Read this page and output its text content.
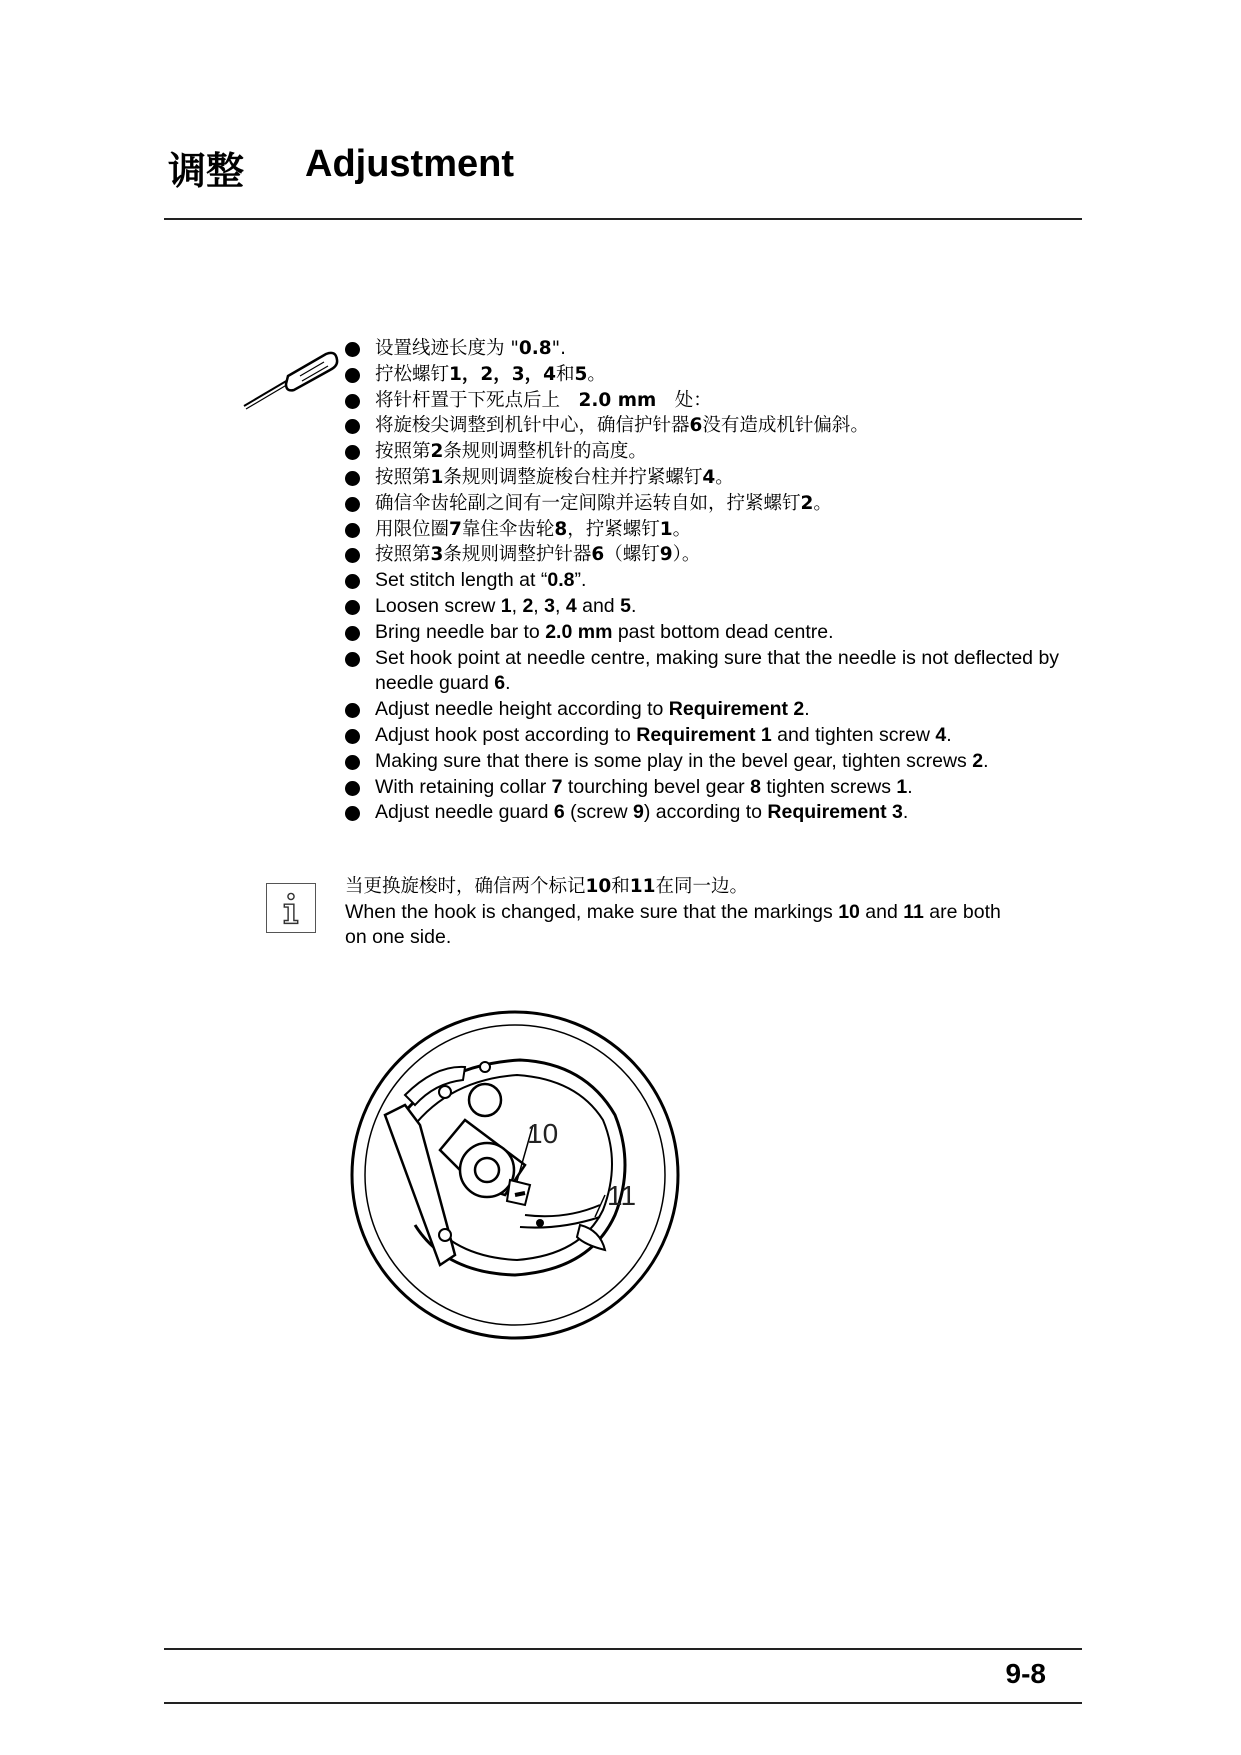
调整 Adjustment
设置线迹长度为 "0.8".
拧松螺钉1，2，3，4和5。
将针杆置于下死点后上　2.0 mm　处：
将旋梭尖调整到机针中心，确信护针器6没有造成机针偏斜。
按照第2条规则调整机针的高度。
按照第1条规则调整旋梭台柱并拧紧螺钉4。
确信伞齿轮副之间有一定间隙并运转自如，拧紧螺钉2。
用限位圈7靠住伞齿轮8，拧紧螺钉1。
按照第3条规则调整护针器6（螺钉9）。
Set stitch length at “0.8”.
Loosen screw 1, 2, 3, 4 and 5.
Bring needle bar to 2.0 mm past bottom dead centre.
Set hook point at needle centre, making sure that the needle is not deflected by needle guard 6.
Adjust needle height according to Requirement 2.
Adjust hook post according to Requirement 1 and tighten screw 4.
Making sure that there is some play in the bevel gear, tighten screws 2.
With retaining collar 7 tourching bevel gear 8 tighten screws 1.
Adjust needle guard 6 (screw 9) according to Requirement 3.
当更换旋梭时，确信两个标记10和11在同一边。
When the hook is changed, make sure that the markings 10 and 11 are both on one side.
10
11
9-8
